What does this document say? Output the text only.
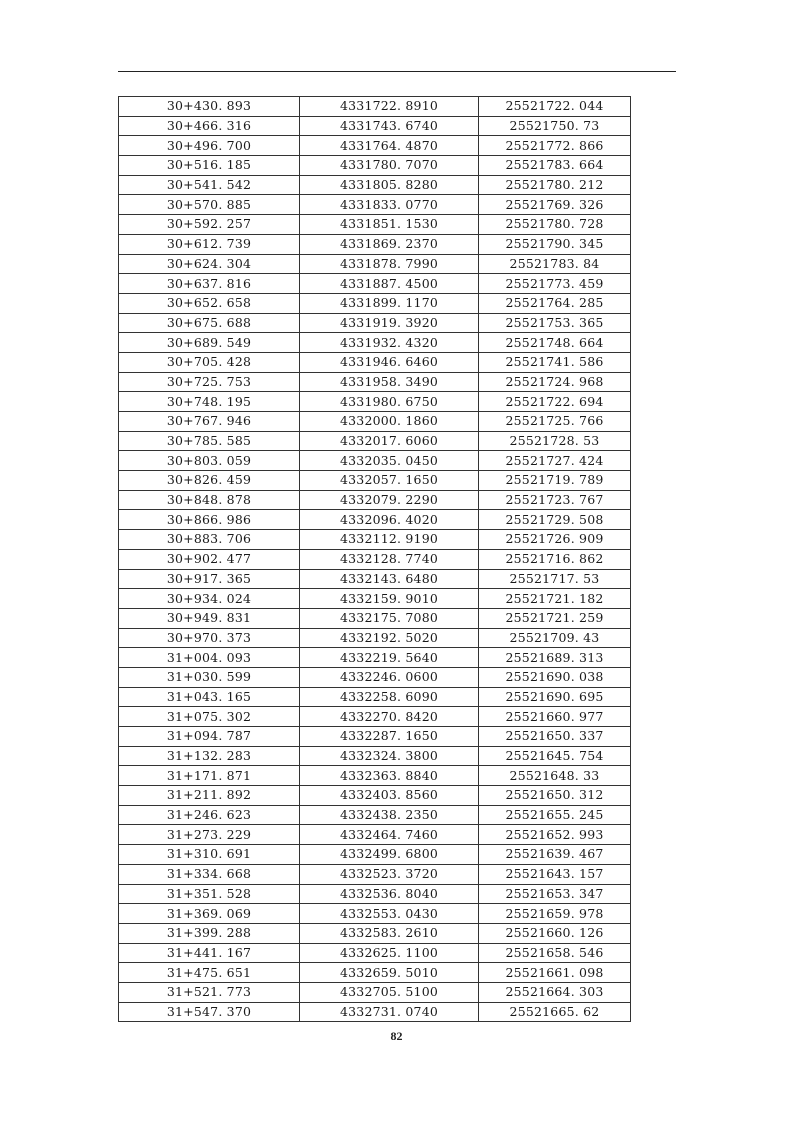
30+430. 893	4331722. 8910	25521722. 044
30+466. 316	4331743. 6740	25521750. 73
30+496. 700	4331764. 4870	25521772. 866
30+516. 185	4331780. 7070	25521783. 664
30+541. 542	4331805. 8280	25521780. 212
30+570. 885	4331833. 0770	25521769. 326
30+592. 257	4331851. 1530	25521780. 728
30+612. 739	4331869. 2370	25521790. 345
30+624. 304	4331878. 7990	25521783. 84
30+637. 816	4331887. 4500	25521773. 459
30+652. 658	4331899. 1170	25521764. 285
30+675. 688	4331919. 3920	25521753. 365
30+689. 549	4331932. 4320	25521748. 664
30+705. 428	4331946. 6460	25521741. 586
30+725. 753	4331958. 3490	25521724. 968
30+748. 195	4331980. 6750	25521722. 694
30+767. 946	4332000. 1860	25521725. 766
30+785. 585	4332017. 6060	25521728. 53
30+803. 059	4332035. 0450	25521727. 424
30+826. 459	4332057. 1650	25521719. 789
30+848. 878	4332079. 2290	25521723. 767
30+866. 986	4332096. 4020	25521729. 508
30+883. 706	4332112. 9190	25521726. 909
30+902. 477	4332128. 7740	25521716. 862
30+917. 365	4332143. 6480	25521717. 53
30+934. 024	4332159. 9010	25521721. 182
30+949. 831	4332175. 7080	25521721. 259
30+970. 373	4332192. 5020	25521709. 43
31+004. 093	4332219. 5640	25521689. 313
31+030. 599	4332246. 0600	25521690. 038
31+043. 165	4332258. 6090	25521690. 695
31+075. 302	4332270. 8420	25521660. 977
31+094. 787	4332287. 1650	25521650. 337
31+132. 283	4332324. 3800	25521645. 754
31+171. 871	4332363. 8840	25521648. 33
31+211. 892	4332403. 8560	25521650. 312
31+246. 623	4332438. 2350	25521655. 245
31+273. 229	4332464. 7460	25521652. 993
31+310. 691	4332499. 6800	25521639. 467
31+334. 668	4332523. 3720	25521643. 157
31+351. 528	4332536. 8040	25521653. 347
31+369. 069	4332553. 0430	25521659. 978
31+399. 288	4332583. 2610	25521660. 126
31+441. 167	4332625. 1100	25521658. 546
31+475. 651	4332659. 5010	25521661. 098
31+521. 773	4332705. 5100	25521664. 303
31+547. 370	4332731. 0740	25521665. 62
82
